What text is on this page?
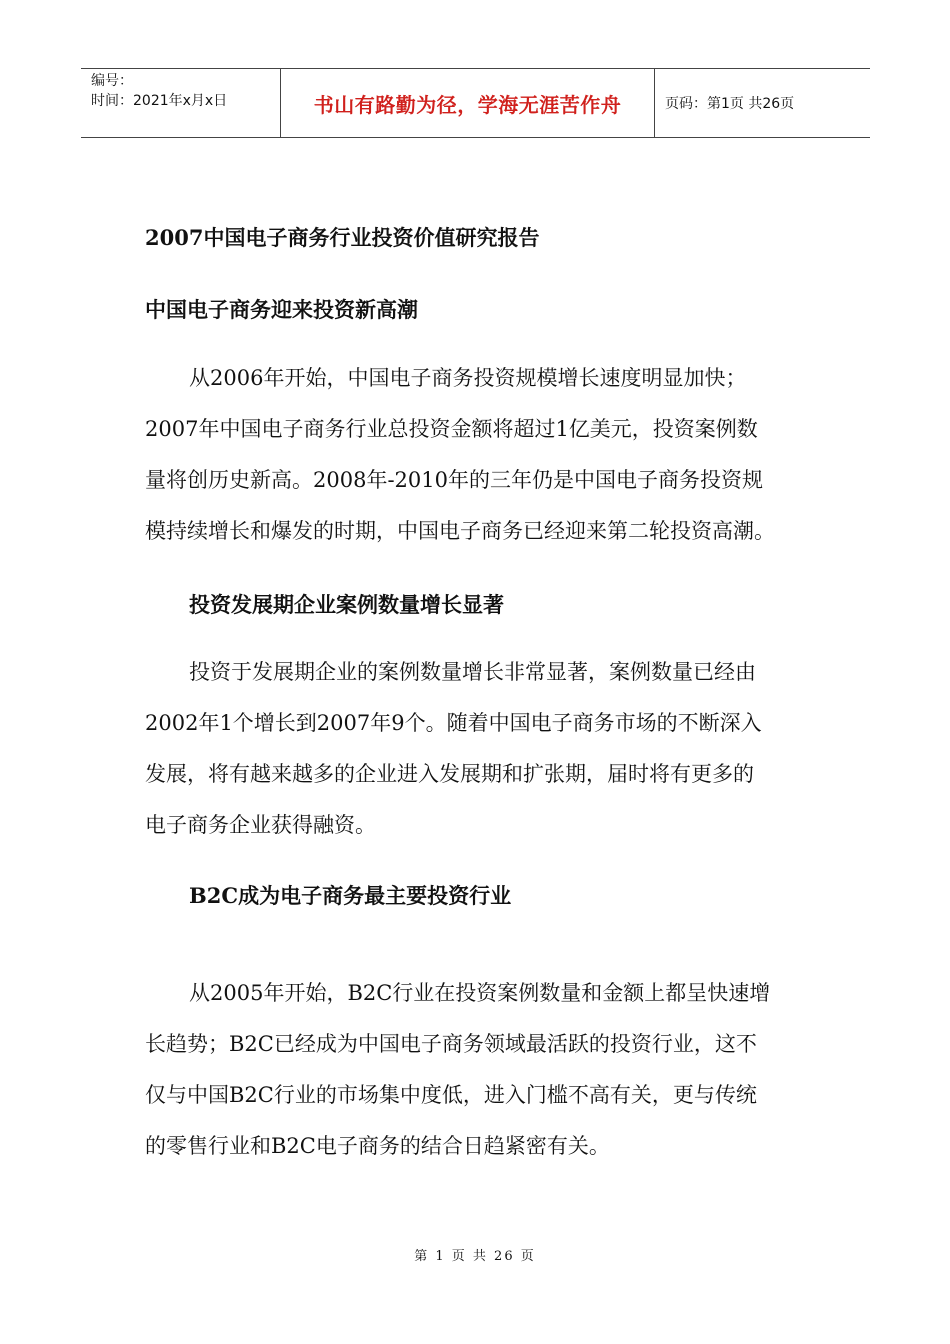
编号：
时间：2021年x月x日	书山有路勤为径，学海无涯苦作舟	页码：第1页 共26页
2007中国电子商务行业投资价值研究报告
中国电子商务迎来投资新高潮
从2006年开始，中国电子商务投资规模增长速度明显加快；
2007年中国电子商务行业总投资金额将超过1亿美元，投资案例数
量将创历史新高。2008年-2010年的三年仍是中国电子商务投资规
模持续增长和爆发的时期，中国电子商务已经迎来第二轮投资高潮。
投资发展期企业案例数量增长显著
投资于发展期企业的案例数量增长非常显著，案例数量已经由
2002年1个增长到2007年9个。随着中国电子商务市场的不断深入
发展，将有越来越多的企业进入发展期和扩张期，届时将有更多的
电子商务企业获得融资。
B2C成为电子商务最主要投资行业
从2005年开始，B2C行业在投资案例数量和金额上都呈快速增
长趋势；B2C已经成为中国电子商务领域最活跃的投资行业，这不
仅与中国B2C行业的市场集中度低，进入门槛不高有关，更与传统
的零售行业和B2C电子商务的结合日趋紧密有关。
第 1 页 共 26 页
